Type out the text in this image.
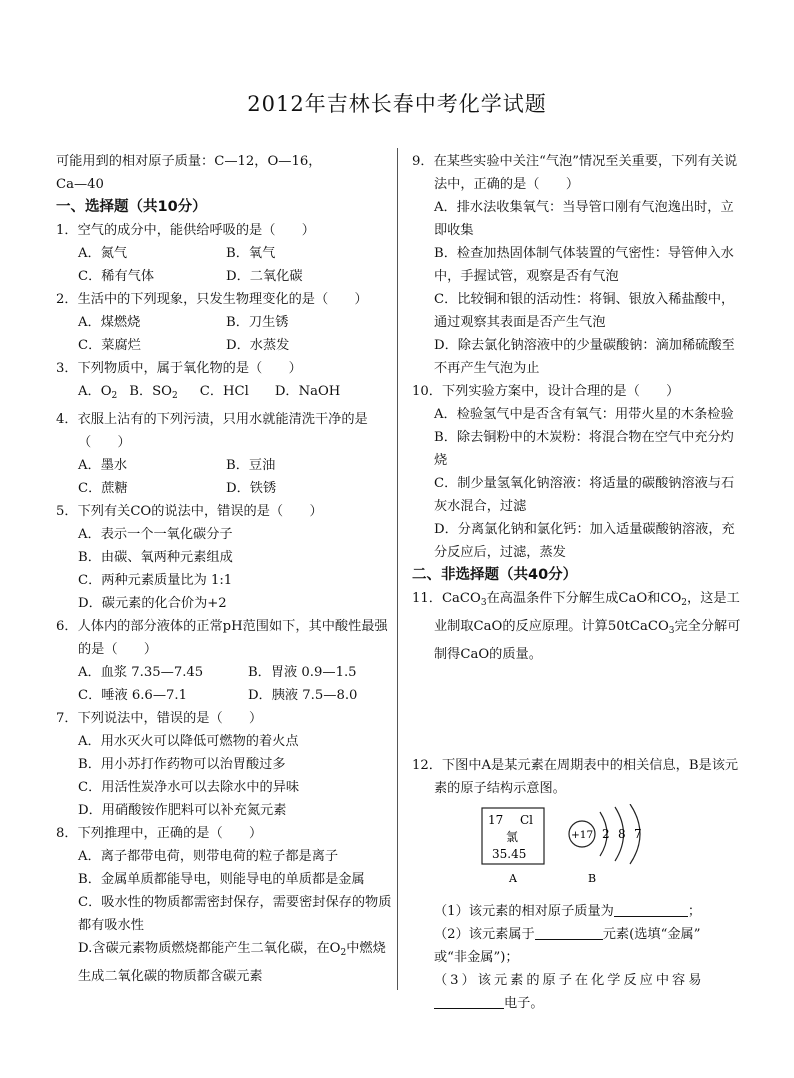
2012年吉林长春中考化学试题
可能用到的相对原子质量：C—12，O—16，
Ca—40
一、选择题（共10分）
1．空气的成分中，能供给呼吸的是（　　）
A．氮气	B．氧气
C．稀有气体	D．二氧化碳
2．生活中的下列现象，只发生物理变化的是（　　）
A．煤燃烧	B．刀生锈
C．菜腐烂	D．水蒸发
3．下列物质中，属于氧化物的是（　　）
A．$O_2$ B．$SO_2$ C．HCl D．NaOH
4．衣服上沾有的下列污渍，只用水就能清洗干净的是（　　）
A．墨水	B．豆油
C．蔗糖	D．铁锈
5．下列有关CO的说法中，错误的是（　　）
A．表示一个一氧化碳分子
B．由碳、氧两种元素组成
C．两种元素质量比为 1:1
D．碳元素的化合价为+2
6．人体内的部分液体的正常pH范围如下，其中酸性最强的是（　　）
A．血浆 7.35—7.45	B．胃液 0.9—1.5
C．唾液 6.6—7.1	D．胰液 7.5—8.0
7．下列说法中，错误的是（　　）
A．用水灭火可以降低可燃物的着火点
B．用小苏打作药物可以治胃酸过多
C．用活性炭净水可以去除水中的异味
D．用硝酸铵作肥料可以补充氮元素
8．下列推理中，正确的是（　　）
A．离子都带电荷，则带电荷的粒子都是离子
B．金属单质都能导电，则能导电的单质都是金属
C．吸水性的物质都需密封保存，需要密封保存的物质都有吸水性
D.含碳元素物质燃烧都能产生二氧化碳，在$O_2$中燃烧生成二氧化碳的物质都含碳元素
9．在某些实验中关注“气泡”情况至关重要，下列有关说法中，正确的是（　　）
A．排水法收集氧气：当导管口刚有气泡逸出时，立即收集
B．检查加热固体制气体装置的气密性：导管伸入水中，手握试管，观察是否有气泡
C．比较铜和银的活动性：将铜、银放入稀盐酸中，通过观察其表面是否产生气泡
D．除去氯化钠溶液中的少量碳酸钠：滴加稀硫酸至不再产生气泡为止
10．下列实验方案中，设计合理的是（　　）
A．检验氢气中是否含有氧气：用带火星的木条检验
B．除去铜粉中的木炭粉：将混合物在空气中充分灼烧
C．制少量氢氧化钠溶液：将适量的碳酸钠溶液与石灰水混合，过滤
D．分离氯化钠和氯化钙：加入适量碳酸钠溶液，充分反应后，过滤，蒸发
二、非选择题（共40分）
11．CaCO$_3$在高温条件下分解生成CaO和$CO_2$，这是工业制取CaO的反应原理。计算50tCaCO$_3$完全分解可制得CaO的质量。
12．下图中A是某元素在周期表中的相关信息，B是该元素的原子结构示意图。
17 Cl
氯
35.45
A
+17 2 8 7
B
（1）该元素的相对原子质量为	；
（2）该元素属于	元素(选填“金属”
或“非金属”)；
（3）该元素的原子在化学反应中容易
电子。
